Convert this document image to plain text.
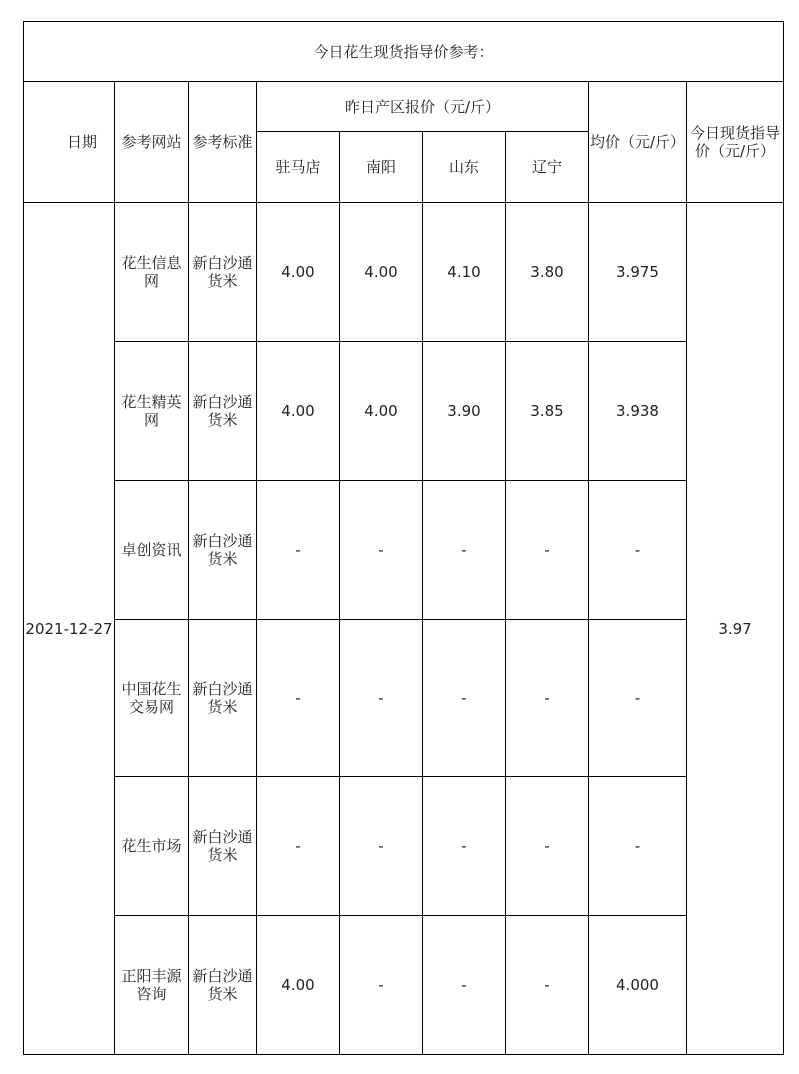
今日花生现货指导价参考：								
日期	参考网站	参考标准	昨日产区报价（元/斤）				均价（元/斤）	今日现货指导价（元/斤）
			驻马店	南阳	山东	辽宁		
2021-12-27	花生信息网	新白沙通货米	4.00	4.00	4.10	3.80	3.975	3.97
	花生精英网	新白沙通货米	4.00	4.00	3.90	3.85	3.938	
	卓创资讯	新白沙通货米	-	-	-	-	-	
	中国花生交易网	新白沙通货米	-	-	-	-	-	
	花生市场	新白沙通货米	-	-	-	-	-	
	正阳丰源咨询	新白沙通货米	4.00	-	-	-	4.000	
